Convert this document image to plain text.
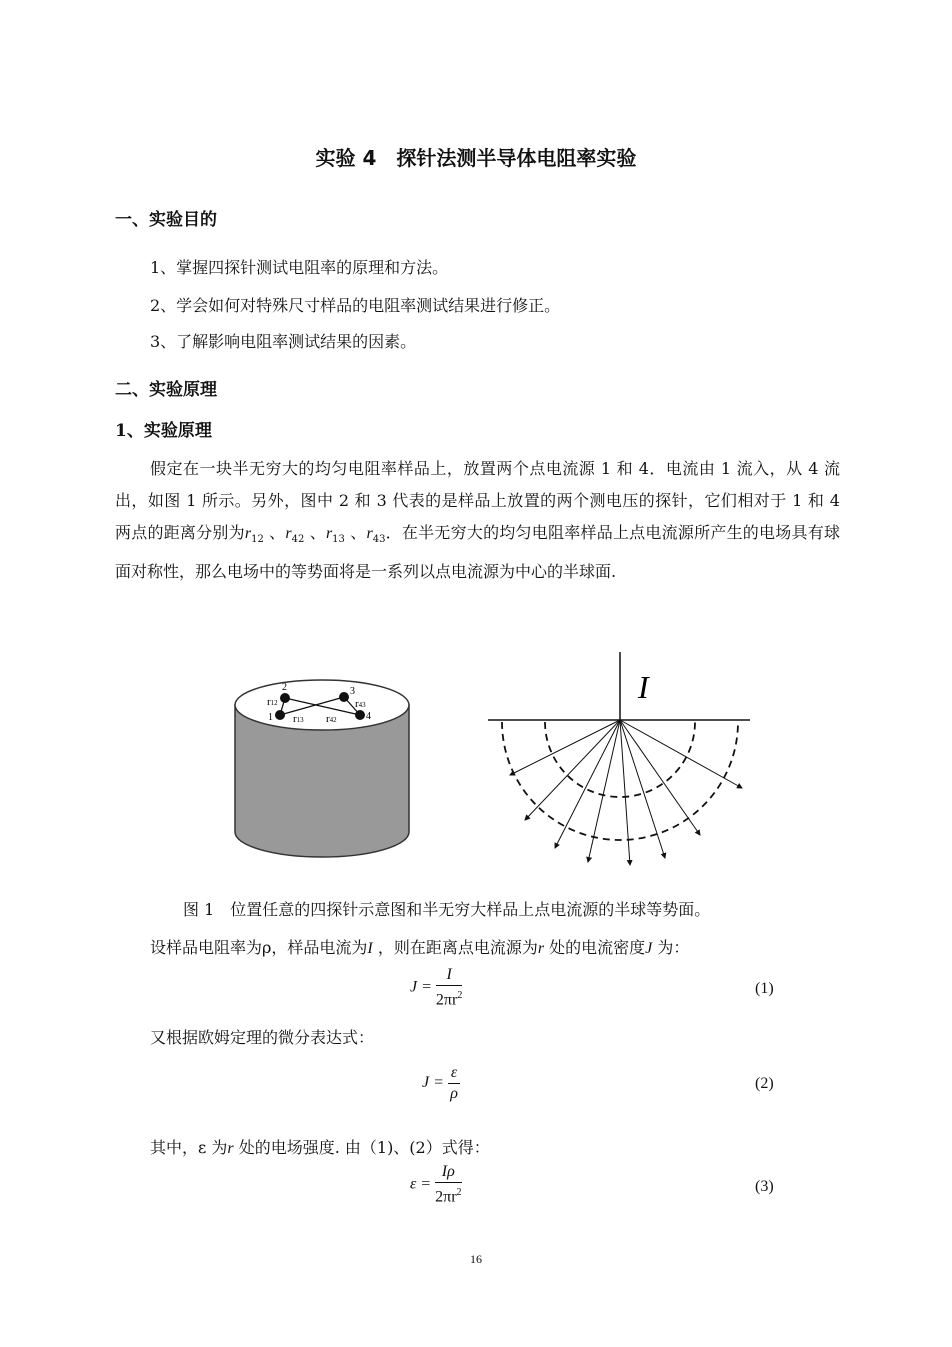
实验 4　探针法测半导体电阻率实验
一、实验目的
1、掌握四探针测试电阻率的原理和方法。
2、学会如何对特殊尺寸样品的电阻率测试结果进行修正。
3、了解影响电阻率测试结果的因素。
二、实验原理
1、实验原理
假定在一块半无穷大的均匀电阻率样品上，放置两个点电流源 1 和 4．电流由 1 流入，从 4 流出，如图 1 所示。另外，图中 2 和 3 代表的是样品上放置的两个测电压的探针，它们相对于 1 和 4 两点的距离分别为$r_{12}$ 、$r_{42}$ 、$r_{13}$ 、$r_{43}$．在半无穷大的均匀电阻率样品上点电流源所产生的电场具有球面对称性，那么电场中的等势面将是一系列以点电流源为中心的半球面.
1
2	3
4
r12
r13 r42
r43	I
图 1　位置任意的四探针示意图和半无穷大样品上点电流源的半球等势面。
设样品电阻率为ρ，样品电流为I ，则在距离点电流源为r 处的电流密度J 为：
$J = \frac{I}{2\pi r^2}$	(1)
又根据欧姆定理的微分表达式：
$J = \frac{\varepsilon}{\rho}$	(2)
其中，ε 为r 处的电场强度. 由（1)、(2）式得：
$\varepsilon = \frac{I\rho}{2\pi r^2}$	(3)
16
